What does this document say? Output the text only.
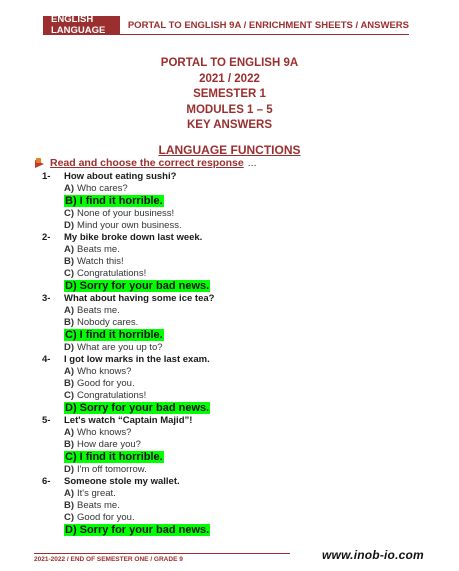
ENGLISH LANGUAGE	PORTAL TO ENGLISH 9A / ENRICHMENT SHEETS / ANSWERS
PORTAL TO ENGLISH 9A
2021 / 2022
SEMESTER 1
MODULES 1 – 5
KEY ANSWERS
LANGUAGE FUNCTIONS
Read and choose the correct response ...
1-	How about eating sushi?
A) Who cares?
B) I find it horrible.
C) None of your business!
D) Mind your own business.
2-	My bike broke down last week.
A) Beats me.
B) Watch this!
C) Congratulations!
D) Sorry for your bad news.
3-	What about having some ice tea?
A) Beats me.
B) Nobody cares.
C) I find it horrible.
D) What are you up to?
4-	I got low marks in the last exam.
A) Who knows?
B) Good for you.
C) Congratulations!
D) Sorry for your bad news.
5-	Let's watch “Captain Majid”!
A) Who knows?
B) How dare you?
C) I find it horrible.
D) I'm off tomorrow.
6-	Someone stole my wallet.
A) It's great.
B) Beats me.
C) Good for you.
D) Sorry for your bad news.
2021-2022 / END OF SEMESTER ONE / GRADE 9	www.inob-io.com
